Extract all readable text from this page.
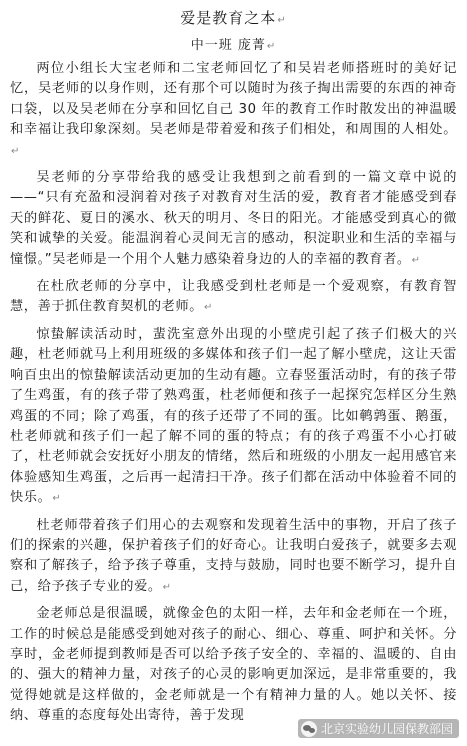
爱是教育之本↵
中一班 庞菁↵

两位小组长大宝老师和二宝老师回忆了和吴岩老师搭班时的美好记忆，吴老师的以身作则，还有那个可以随时为孩子掏出需要的东西的神奇口袋，以及吴老师在分享和回忆自己 30 年的教育工作时散发出的神温暖和幸福让我印象深刻。吴老师是带着爱和孩子们相处，和周围的人相处。↵

吴老师的分享带给我的感受让我想到之前看到的一篇文章中说的——“只有充盈和浸润着对孩子对教育对生活的爱，教育者才能感受到春天的鲜花、夏日的溪水、秋天的明月、冬日的阳光。才能感受到真心的微笑和诚挚的关爱。能温润着心灵间无言的感动，积淀职业和生活的幸福与憧憬。”吴老师是一个用个人魅力感染着身边的人的幸福的教育者。↵

在杜欣老师的分享中，让我感受到杜老师是一个爱观察，有教育智慧，善于抓住教育契机的老师。↵

惊蛰解读活动时，蜚洗室意外出现的小壁虎引起了孩子们极大的兴趣，杜老师就马上利用班级的多媒体和孩子们一起了解小壁虎，这让天雷响百虫出的惊蛰解读活动更加的生动有趣。立春竖蛋活动时，有的孩子带了生鸡蛋，有的孩子带了熟鸡蛋，杜老师便和孩子一起探究怎样区分生熟鸡蛋的不同；除了鸡蛋，有的孩子还带了不同的蛋。比如鹌鹑蛋、鹅蛋，杜老师就和孩子们一起了解不同的蛋的特点；有的孩子鸡蛋不小心打破了，杜老师就会安抚好小朋友的情绪，然后和班级的小朋友一起用感官来体验感知生鸡蛋，之后再一起清扫干净。孩子们都在活动中体验着不同的快乐。↵

杜老师带着孩子们用心的去观察和发现着生活中的事物，开启了孩子们的探索的兴趣，保护着孩子们的好奇心。让我明白爱孩子，就要多去观察和了解孩子，给予孩子尊重，支持与鼓励，同时也要不断学习，提升自己，给予孩子专业的爱。↵

金老师总是很温暖，就像金色的太阳一样，去年和金老师在一个班，工作的时候总是能感受到她对孩子的耐心、细心、尊重、呵护和关怀。分享时，金老师提到教师是否可以给予孩子安全的、幸福的、温暖的、自由的、强大的精神力量，对孩子的心灵的影响更加深远，是非常重要的，我觉得她就是这样做的，金老师就是一个有精神力量的人。她以关怀、接纳、尊重的态度每处出寄待，善于发现

北京实验幼儿园保教部园
